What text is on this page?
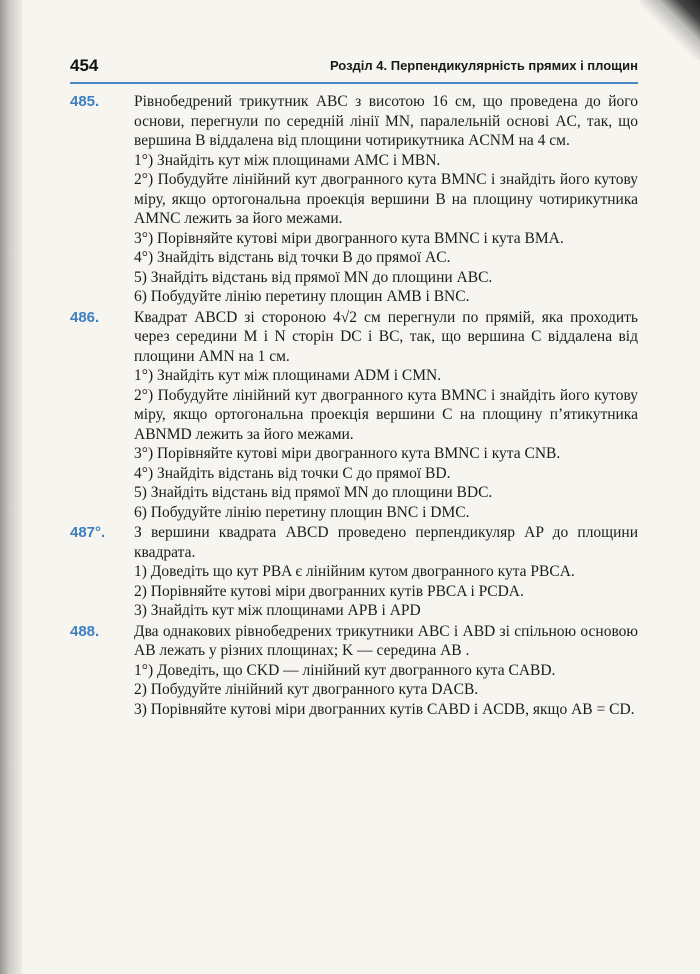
454	Розділ 4. Перпендикулярність прямих і площин
485. Рівнобедрений трикутник ABC з висотою 16 см, що проведена до його основи, перегнули по середній лінії MN, паралельній основі AC, так, що вершина B віддалена від площини чотирикутника ACNM на 4 см.

1°) Знайдіть кут між площинами AMC і MBN.

2°) Побудуйте лінійний кут двогранного кута BMNC і знайдіть його кутову міру, якщо ортогональна проекція вершини B на площину чотирикутника AMNC лежить за його межами.

3°) Порівняйте кутові міри двогранного кута BMNC і кута BMA.

4°) Знайдіть відстань від точки B до прямої AC.

5) Знайдіть відстань від прямої MN до площини ABC.

6) Побудуйте лінію перетину площин AMB і BNC.

486. Квадрат ABCD зі стороною 4√2 см перегнули по прямій, яка проходить через середини M і N сторін DC і BC, так, що вершина C віддалена від площини AMN на 1 см.

1°) Знайдіть кут між площинами ADM і CMN.

2°) Побудуйте лінійний кут двогранного кута BMNC і знайдіть його кутову міру, якщо ортогональна проекція вершини C на площину п’ятикутника ABNMD лежить за його межами.

3°) Порівняйте кутові міри двогранного кута BMNC і кута CNB.

4°) Знайдіть відстань від точки C до прямої BD.

5) Знайдіть відстань від прямої MN до площини BDC.

6) Побудуйте лінію перетину площин BNC і DMC.

487°. З вершини квадрата ABCD проведено перпендикуляр AP до площини квадрата.

1) Доведіть що кут PBA є лінійним кутом двогранного кута PBCA.

2) Порівняйте кутові міри двогранних кутів PBCA і PCDA.

3) Знайдіть кут між площинами APB і APD

488. Два однакових рівнобедрених трикутники ABC і ABD зі спільною основою AB лежать у різних площинах; K — середина AB .

1°) Доведіть, що CKD — лінійний кут двогранного кута CABD.

2) Побудуйте лінійний кут двогранного кута DACB.

3) Порівняйте кутові міри двогранних кутів CABD і ACDB, якщо AB = CD.
